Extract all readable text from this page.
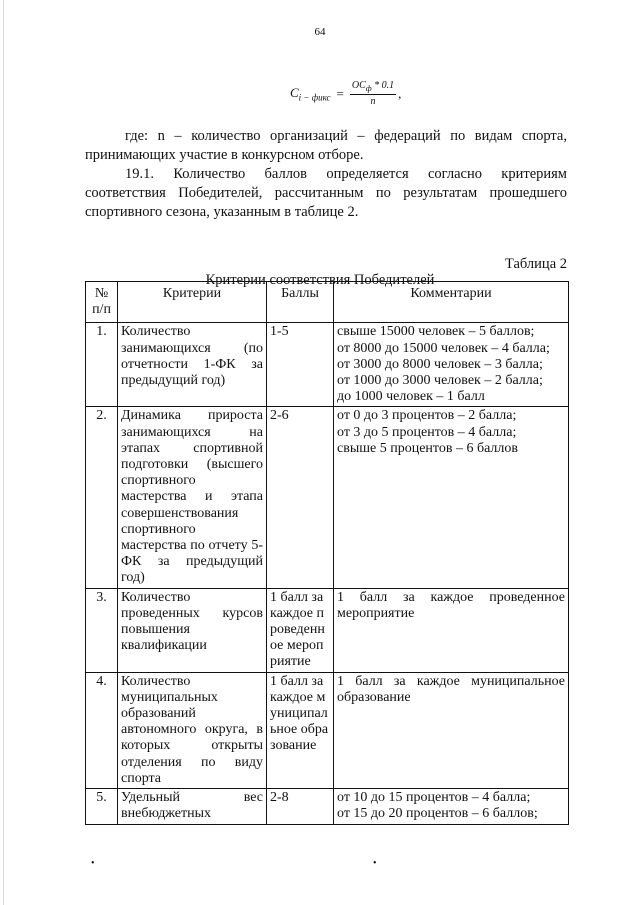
64
$C_{i - фикс} = \frac{ОС_ф * 0.1}{n}$ ,
где: n – количество организаций – федераций по видам спорта, принимающих участие в конкурсном отборе.
19.1. Количество баллов определяется согласно критериям соответствия Победителей, рассчитанным по результатам прошедшего спортивного сезона, указанным в таблице 2.
Таблица 2
Критерии соответствия Победителей
№ п/п	Критерии	Баллы	Комментарии
1.	Количество занимающихся (по отчетности 1-ФК за предыдущий год)	1-5	свыше 15000 человек – 5 баллов;
от 8000 до 15000 человек – 4 балла;
от 3000 до 8000 человек – 3 балла;
от 1000 до 3000 человек – 2 балла;
до 1000 человек – 1 балл

2.	Динамика прироста занимающихся на этапах спортивной подготовки (высшего спортивного мастерства и этапа совершенствования спортивного мастерства по отчету 5-ФК за предыдущий год)	2-6	от 0 до 3 процентов – 2 балла;
от 3 до 5 процентов – 4 балла;
свыше 5 процентов – 6 баллов

3.	Количество проведенных курсов повышения квалификации	1 балл за каждое проведенное мероприятие	1 балл за каждое проведенное мероприятие

4.	Количество муниципальных образований автономного округа, в которых открыты отделения по виду спорта	1 балл за каждое муниципальное образование	1 балл за каждое муниципальное образование

5.	Удельный вес внебюджетных	2-8	от 10 до 15 процентов – 4 балла;
от 15 до 20 процентов – 6 баллов;
•	•
